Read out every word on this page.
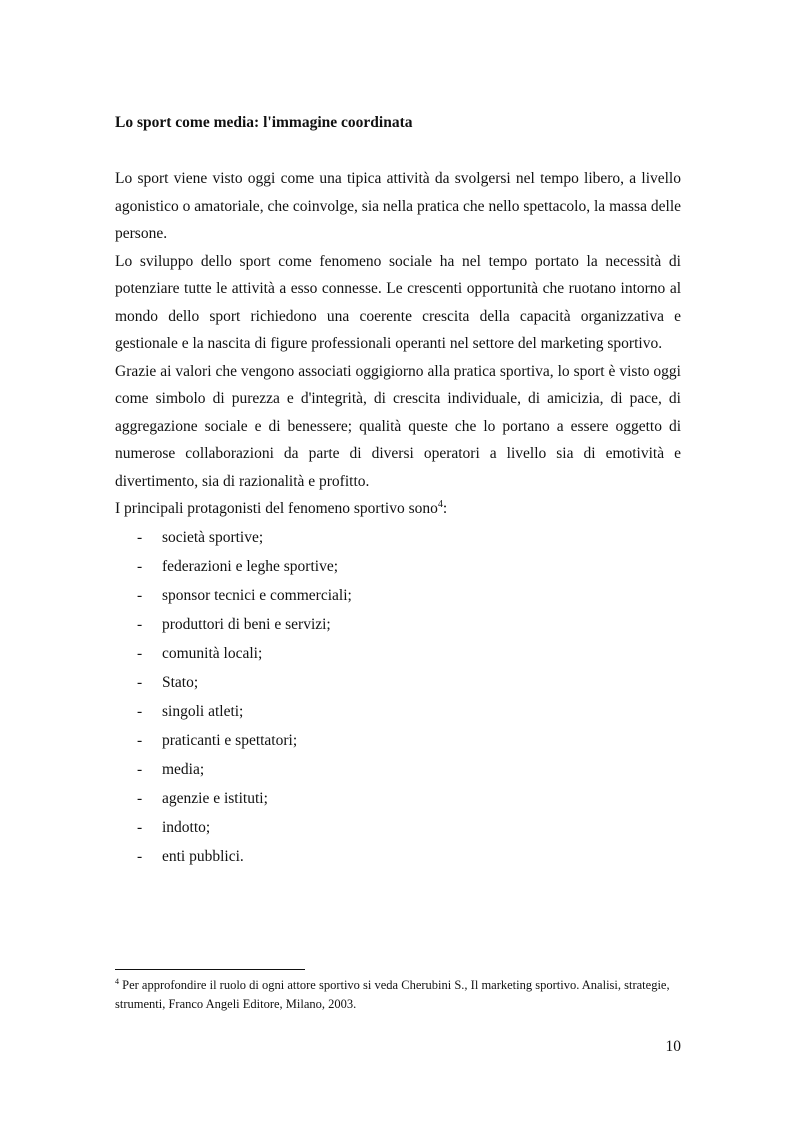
Lo sport come media: l'immagine coordinata

Lo sport viene visto oggi come una tipica attività da svolgersi nel tempo libero, a livello agonistico o amatoriale, che coinvolge, sia nella pratica che nello spettacolo, la massa delle persone.

Lo sviluppo dello sport come fenomeno sociale ha nel tempo portato la necessità di potenziare tutte le attività a esso connesse. Le crescenti opportunità che ruotano intorno al mondo dello sport richiedono una coerente crescita della capacità organizzativa e gestionale e la nascita di figure professionali operanti nel settore del marketing sportivo.

Grazie ai valori che vengono associati oggigiorno alla pratica sportiva, lo sport è visto oggi come simbolo di purezza e d'integrità, di crescita individuale, di amicizia, di pace, di aggregazione sociale e di benessere; qualità queste che lo portano a essere oggetto di numerose collaborazioni da parte di diversi operatori a livello sia di emotività e divertimento, sia di razionalità e profitto.

I principali protagonisti del fenomeno sportivo sono$^4$:

- società sportive;
- federazioni e leghe sportive;
- sponsor tecnici e commerciali;
- produttori di beni e servizi;
- comunità locali;
- Stato;
- singoli atleti;
- praticanti e spettatori;
- media;
- agenzie e istituti;
- indotto;
- enti pubblici.

$^4$ Per approfondire il ruolo di ogni attore sportivo si veda Cherubini S., Il marketing sportivo. Analisi, strategie, strumenti, Franco Angeli Editore, Milano, 2003.

10
